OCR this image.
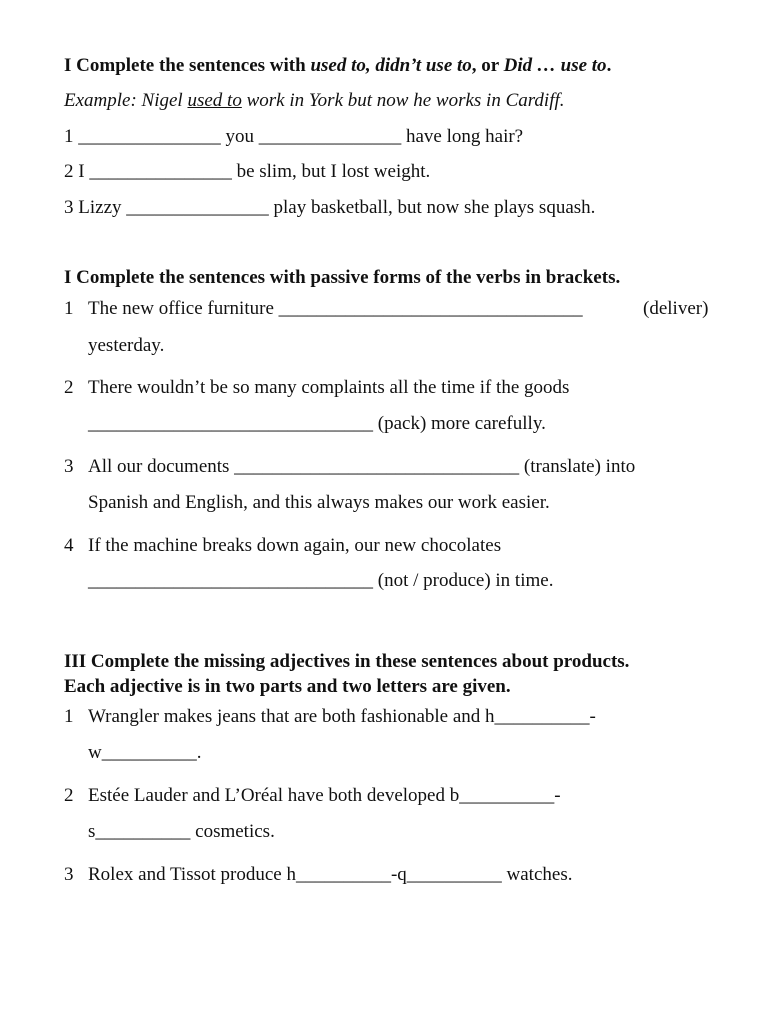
I Complete the sentences with used to, didn’t use to, or Did … use to.
Example: Nigel used to work in York but now he works in Cardiff.
1 _______________ you _______________ have long hair?
2 I _______________ be slim, but I lost weight.
3 Lizzy _______________ play basketball, but now she plays squash.
I Complete the sentences with passive forms of the verbs in brackets.
1 The new office furniture ________________________________	(deliver)
yesterday.
2 There wouldn’t be so many complaints all the time if the goods
______________________________ (pack) more carefully.
3 All our documents ______________________________ (translate) into
Spanish and English, and this always makes our work easier.
4 If the machine breaks down again, our new chocolates
______________________________ (not / produce) in time.
III Complete the missing adjectives in these sentences about products.
Each adjective is in two parts and two letters are given.
1 Wrangler makes jeans that are both fashionable and h__________-
w__________.
2 Estée Lauder and L’Oréal have both developed b__________-
s__________ cosmetics.
3 Rolex and Tissot produce h__________-q__________ watches.
